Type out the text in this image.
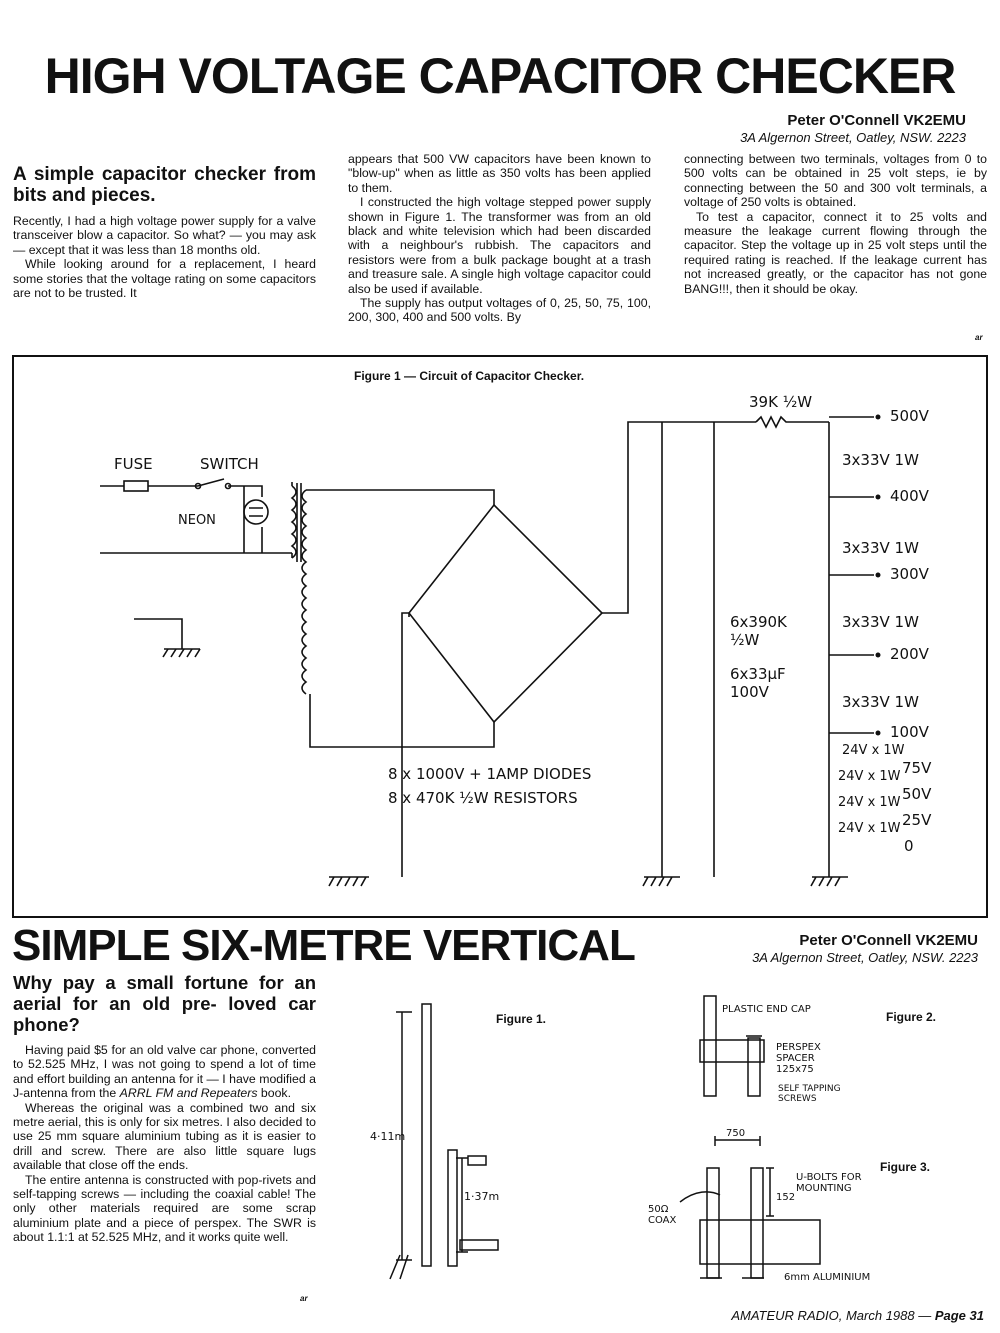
HIGH VOLTAGE CAPACITOR CHECKER
Peter O'Connell VK2EMU
3A Algernon Street, Oatley, NSW. 2223
A simple capacitor checker from bits and pieces.

Recently, I had a high voltage power supply for a valve transceiver blow a capacitor. So what? — you may ask — except that it was less than 18 months old.

While looking around for a replacement, I heard some stories that the voltage rating on some capacitors are not to be trusted. It

appears that 500 VW capacitors have been known to "blow-up" when as little as 350 volts has been applied to them.

I constructed the high voltage stepped power supply shown in Figure 1. The transformer was from an old black and white television which had been discarded with a neighbour's rubbish. The capacitors and resistors were from a bulk package bought at a trash and treasure sale. A single high voltage capacitor could also be used if available.

The supply has output voltages of 0, 25, 50, 75, 100, 200, 300, 400 and 500 volts. By

connecting between two terminals, voltages from 0 to 500 volts can be obtained in 25 volt steps, ie by connecting between the 50 and 300 volt terminals, a voltage of 250 volts is obtained.

To test a capacitor, connect it to 25 volts and measure the leakage current flowing through the capacitor. Step the voltage up in 25 volt steps until the required rating is reached. If the leakage current has not increased greatly, or the capacitor has not gone BANG!!!, then it should be okay.

ar
Figure 1 — Circuit of Capacitor Checker.
FUSE	SWITCH
NEON
39K ½W
6x390K ½W
6x33µF 100V
8 x 1000V + 1AMP DIODES
8 x 470K ½W RESISTORS
500V
400V
300V
200V
100V
75V
50V
25V
0
3x33V 1W
3x33V 1W
3x33V 1W
3x33V 1W
24V x 1W
24V x 1W
24V x 1W
24V x 1W
SIMPLE SIX-METRE VERTICAL	Peter O'Connell VK2EMU
3A Algernon Street, Oatley, NSW. 2223
Why pay a small fortune for an aerial for an old pre- loved car phone?

Having paid $5 for an old valve car phone, converted to 52.525 MHz, I was not going to spend a lot of time and effort building an antenna for it — I have modified a J-antenna from the ARRL FM and Repeaters book.

Whereas the original was a combined two and six metre aerial, this is only for six metres. I also decided to use 25 mm square aluminium tubing as it is easier to drill and screw. There are also little square lugs available that close off the ends.

The entire antenna is constructed with pop-rivets and self-tapping screws — including the coaxial cable! The only other materials required are some scrap aluminium plate and a piece of perspex. The SWR is about 1.1:1 at 52.525 MHz, and it works quite well.

ar
4·11m
1·37m
Figure 1.	Figure 2.
Figure 3.
PLASTIC END CAP
PERSPEX SPACER 125x75
SELF TAPPING SCREWS
750
152
U-BOLTS FOR MOUNTING
50Ω COAX
6mm ALUMINIUM
AMATEUR RADIO, March 1988 — Page 31
